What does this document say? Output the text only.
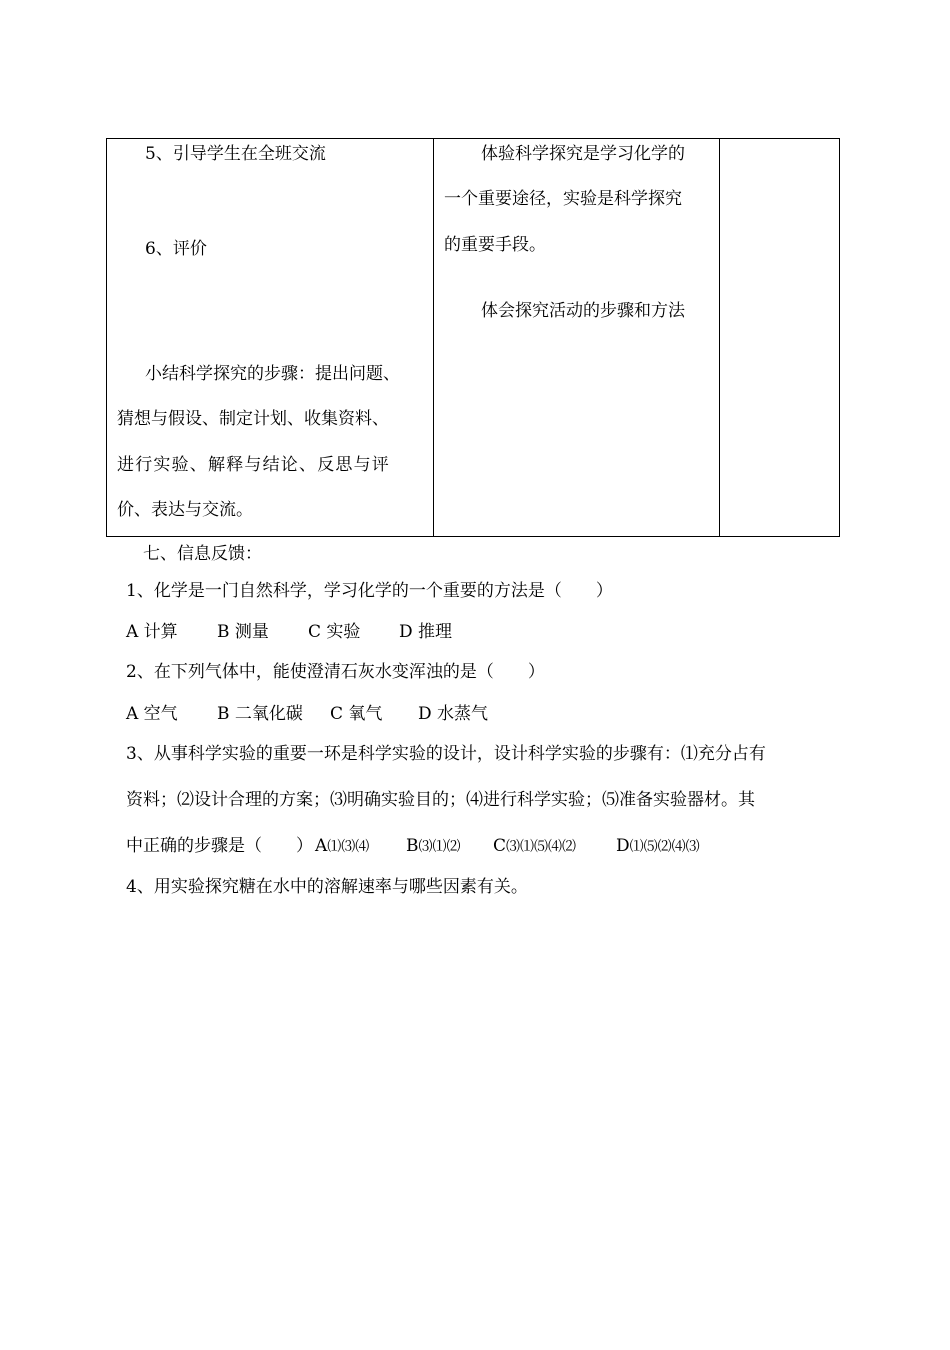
5、引导学生在全班交流
6、评价
小结科学探究的步骤：提出问题、
猜想与假设、制定计划、收集资料、
进行实验、解释与结论、反思与评
价、表达与交流。
体验科学探究是学习化学的
一个重要途径，实验是科学探究
的重要手段。
体会探究活动的步骤和方法
七、信息反馈：
1、化学是一门自然科学，学习化学的一个重要的方法是（　　）
A 计算 B 测量 C 实验 D 推理
2、在下列气体中，能使澄清石灰水变浑浊的是（　　）
A 空气 B 二氧化碳 C 氧气 D 水蒸气
3、从事科学实验的重要一环是科学实验的设计，设计科学实验的步骤有：⑴充分占有
资料；⑵设计合理的方案；⑶明确实验目的；⑷进行科学实验；⑸准备实验器材。其
中正确的步骤是（　　） A⑴⑶⑷ B⑶⑴⑵ C⑶⑴⑸⑷⑵ D⑴⑸⑵⑷⑶
4、用实验探究糖在水中的溶解速率与哪些因素有关。
